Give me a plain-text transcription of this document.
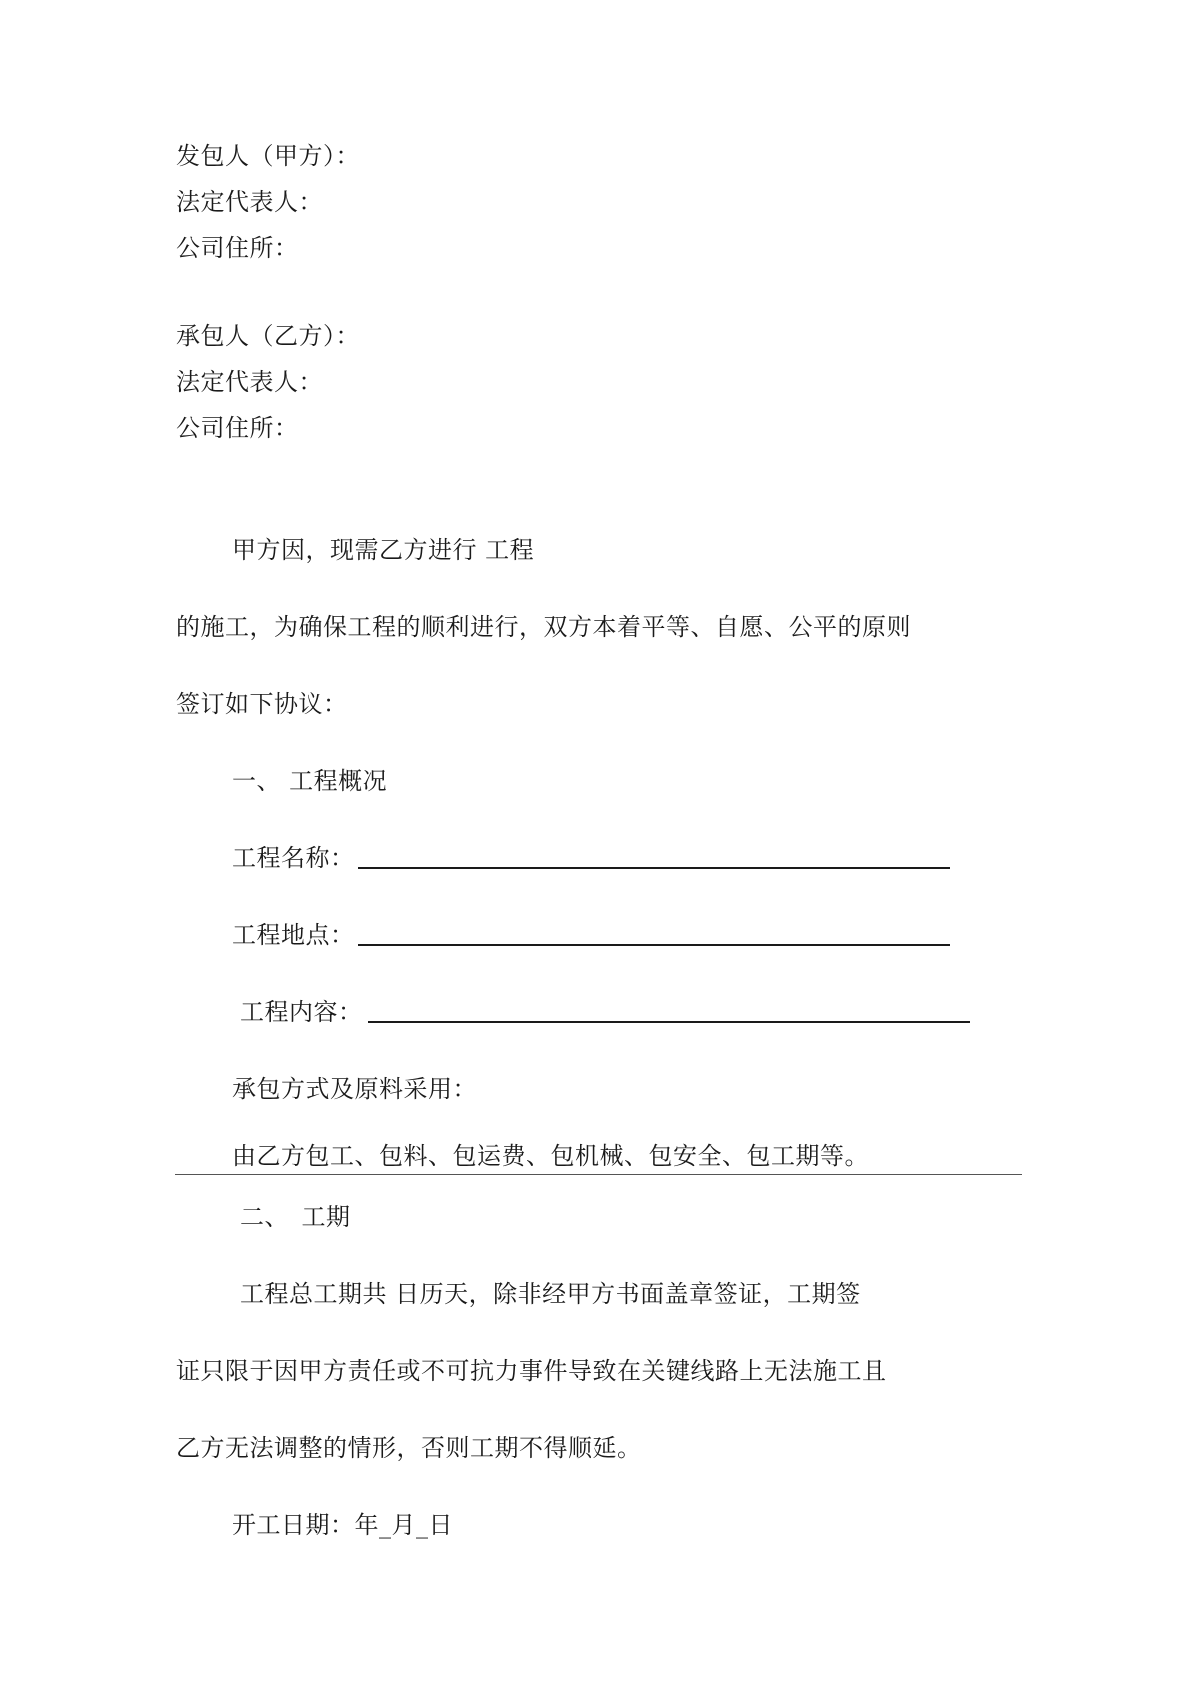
发包人（甲方）：
法定代表人：
公司住所：
承包人（乙方）：
法定代表人：
公司住所：
甲方因，现需乙方进行 工程
的施工，为确保工程的顺利进行，双方本着平等、自愿、公平的原则
签订如下协议：
一、 工程概况
工程名称：
工程地点：
工程内容：
承包方式及原料采用：
由乙方包工、包料、包运费、包机械、包安全、包工期等。
二、　工期
工程总工期共 日历天，除非经甲方书面盖章签证，工期签
证只限于因甲方责任或不可抗力事件导致在关键线路上无法施工且
乙方无法调整的情形，否则工期不得顺延。
开工日期：年_月_日
